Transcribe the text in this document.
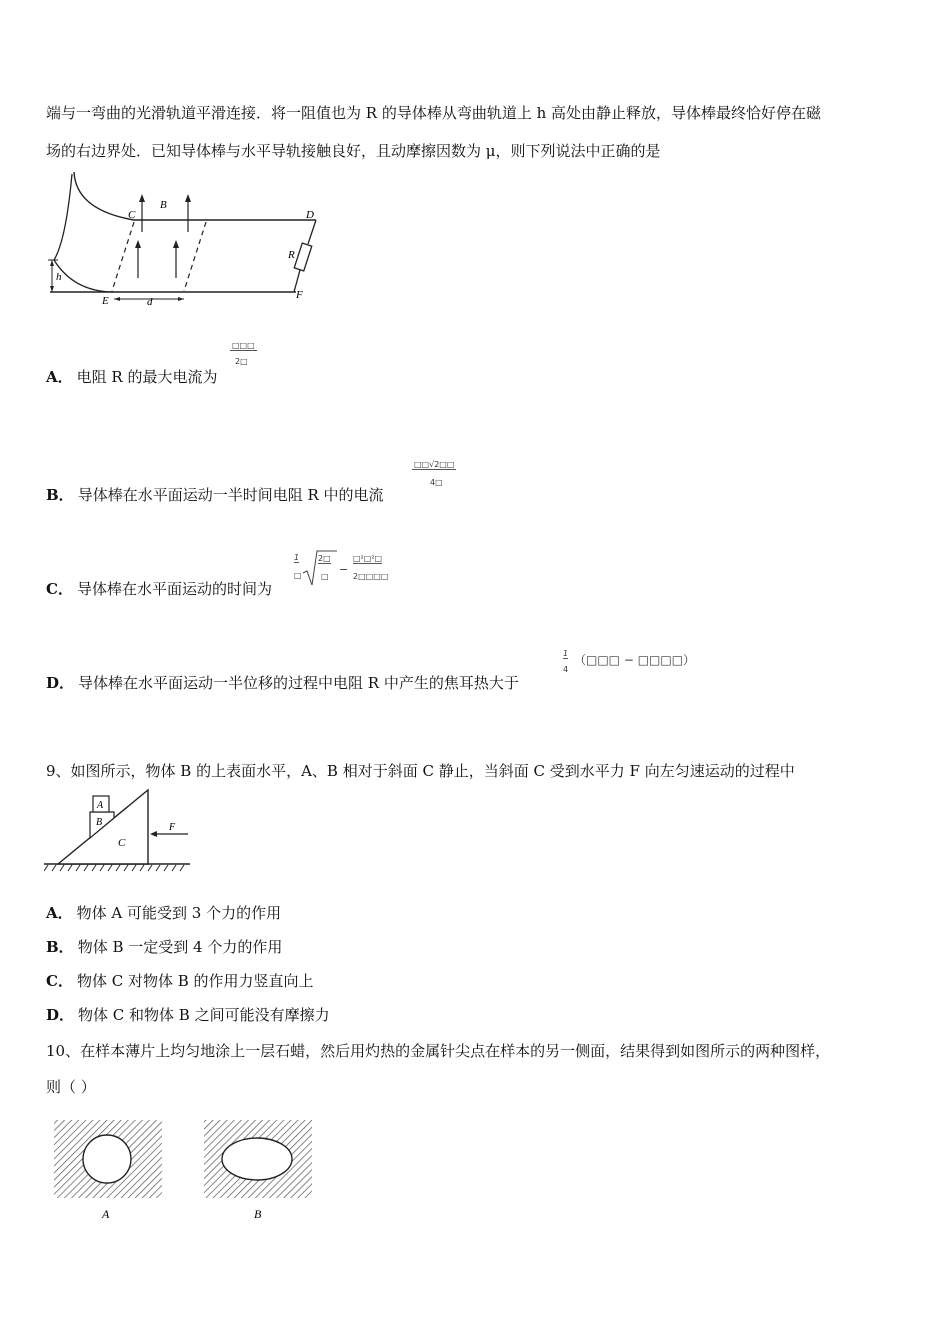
端与一弯曲的光滑轨道平滑连接．将一阻值也为 R 的导体棒从弯曲轨道上 h 高处由静止释放，导体棒最终恰好停在磁
场的右边界处．已知导体棒与水平导轨接触良好，且动摩擦因数为 μ，则下列说法中正确的是
C
B
D
R
h
E	d
F
A． 电阻 R 的最大电流为
□□□
2□
B． 导体棒在水平面运动一半时间电阻 R 中的电流
□□√2□□
4□
C． 导体棒在水平面运动的时间为
1
□
2□
□
−
□²□²□
2□□□□
D． 导体棒在水平面运动一半位移的过程中电阻 R 中产生的焦耳热大于
1
4
（□□□ − □□□□）
9、如图所示，物体 B 的上表面水平，A、B 相对于斜面 C 静止，当斜面 C 受到水平力 F 向左匀速运动的过程中
A
B
C
F
A． 物体 A 可能受到 3 个力的作用
B． 物体 B 一定受到 4 个力的作用
C． 物体 C 对物体 B 的作用力竖直向上
D． 物体 C 和物体 B 之间可能没有摩擦力
10、在样本薄片上均匀地涂上一层石蜡，然后用灼热的金属针尖点在样本的另一侧面，结果得到如图所示的两种图样，
则（ ）
A	B
